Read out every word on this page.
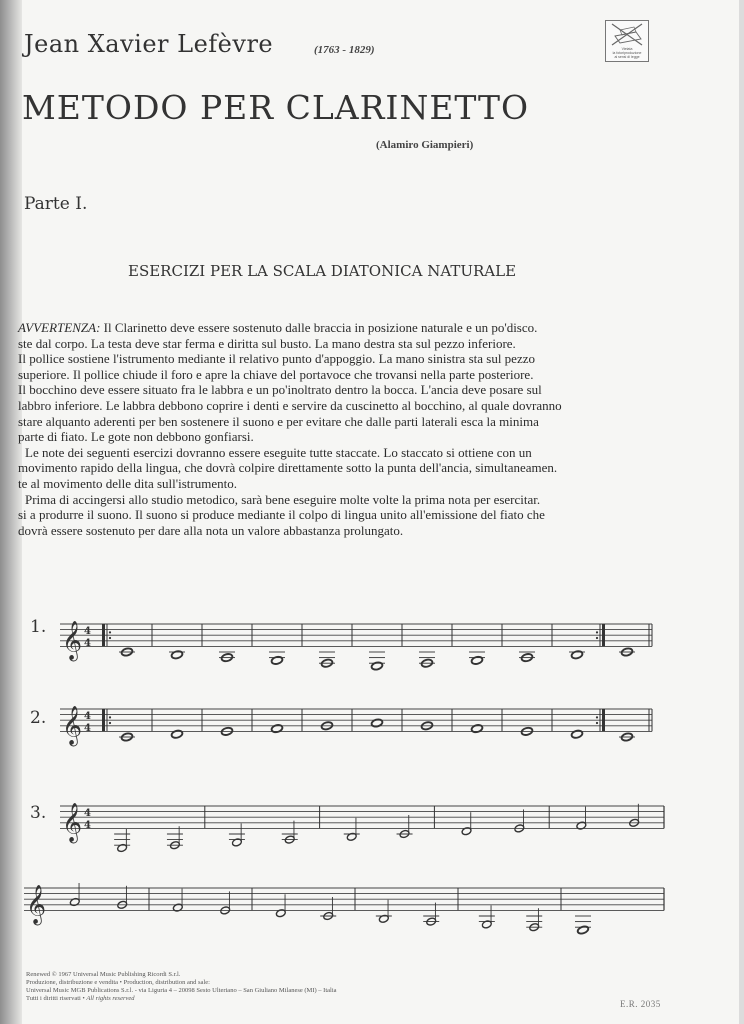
Jean Xavier Lefèvre	(1763 - 1829)	Vietata
la fotoriproduzione
ai sensi di legge
METODO PER CLARINETTO
(Alamiro Giampieri)
Parte I.
ESERCIZI PER LA SCALA DIATONICA NATURALE

AVVERTENZA: Il Clarinetto deve essere sostenuto dalle braccia in posizione naturale e un po'disco.
ste dal corpo. La testa deve star ferma e diritta sul busto. La mano destra sta sul pezzo inferiore.
Il pollice sostiene l'istrumento mediante il relativo punto d'appoggio. La mano sinistra sta sul pezzo
superiore. Il pollice chiude il foro e apre la chiave del portavoce che trovansi nella parte posteriore.
Il bocchino deve essere situato fra le labbra e un po'inoltrato dentro la bocca. L'ancia deve posare sul
labbro inferiore. Le labbra debbono coprire i denti e servire da cuscinetto al bocchino, al quale dovranno
stare alquanto aderenti per ben sostenere il suono e per evitare che dalle parti laterali esca la minima
parte di fiato. Le gote non debbono gonfiarsi.

Le note dei seguenti esercizi dovranno essere eseguite tutte staccate. Lo staccato si ottiene con un
movimento rapido della lingua, che dovrà colpire direttamente sotto la punta dell'ancia, simultaneamen.
te al movimento delle dita sull'istrumento.

Prima di accingersi allo studio metodico, sarà bene eseguire molte volte la prima nota per esercitar.
si a produrre il suono. Il suono si produce mediante il colpo di lingua unito all'emissione del fiato che
dovrà essere sostenuto per dare alla nota un valore abbastanza prolungato.

1.
2.
3.
𝄞 4
4
𝄞 4
4
𝄞 4
4
𝄞
Renewed © 1967 Universal Music Publishing Ricordi S.r.l.
Produzione, distribuzione e vendita • Production, distribution and sale:
Universal Music MGB Publications S.r.l. - via Liguria 4 – 20098 Sesto Ulteriano – San Giuliano Milanese (MI) – Italia
Tutti i diritti riservati • All rights reserved
E.R. 2035
